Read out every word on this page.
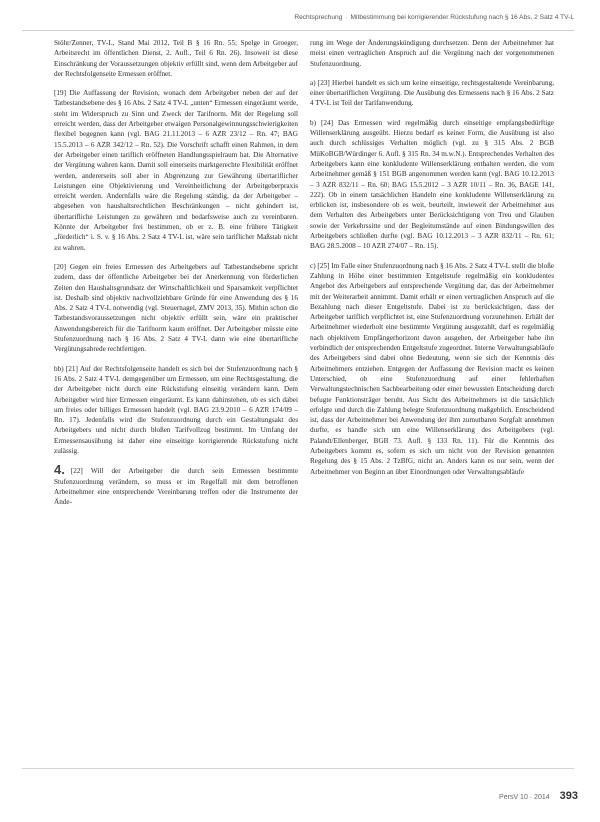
Rechtsprechung · Mitbestimmung bei korrigierender Rückstufung nach § 16 Abs. 2 Satz 4 TV-L

Stöhr/Zenner, TV-L, Stand Mai 2012, Teil B § 16 Rn. 55; Spelge in Groeger, Arbeitsrecht im öffentlichen Dienst, 2. Aufl., Teil 6 Rn. 26). Insoweit ist diese Einschränkung der Voraussetzungen objektiv erfüllt sind, wenn dem Arbeitgeber auf der Rechtsfolgenseite Ermessen eröffnet.

[19] Die Auffassung der Revision, wonach dem Arbeitgeber neben der auf der Tatbestandsebene des § 16 Abs. 2 Satz 4 TV-L „unten“ Ermessen eingeräumt werde, steht im Widerspruch zu Sinn und Zweck der Tarifnorm. Mit der Regelung soll erreicht werden, dass der Arbeitgeber etwaigen Personalgewinnungsschwierigkeiten flexibel begegnen kann (vgl. BAG 21.11.2013 – 6 AZR 23/12 – Rn. 47; BAG 15.5.2013 – 6 AZR 342/12 – Rn. 52). Die Vorschrift schafft einen Rahmen, in dem der Arbeitgeber einen tariflich eröffneten Handlungsspielraum hat. Die Alternative der Vergütung wahren kann. Damit soll einerseits marktgerechte Flexibilität eröffnet werden, andererseits soll aber in Abgrenzung zur Gewährung übertariflicher Leistungen eine Objektivierung und Vereinheitlichung der Arbeitgeberpraxis erreicht werden. Andernfalls wäre die Regelung ständig, da der Arbeitgeber – abgesehen von haushaltsrechtlichen Beschränkungen – nicht gehindert ist, übertarifliche Leistungen zu gewähren und bedarfsweise auch zu vereinbaren. Könnte der Arbeitgeber frei bestimmen, ob er z. B. eine frühere Tätigkeit „förderlich“ i. S. v. § 16 Abs. 2 Satz 4 TV-L ist, wäre sein tariflicher Maßstab nicht zu wahren.

[20] Gegen ein freies Ermessen des Arbeitgebers auf Tatbestandsebene spricht zudem, dass der öffentliche Arbeitgeber bei der Anerkennung von förderlichen Zeiten den Haushaltsgrundsatz der Wirtschaftlichkeit und Sparsamkeit verpflichtet ist. Deshalb sind objektiv nachvollziehbare Gründe für eine Anwendung des § 16 Abs. 2 Satz 4 TV-L notwendig (vgl. Steuernagel, ZMV 2013, 35). Mithin schon die Tatbestandsvoraussetzungen nicht objektiv erfüllt sein, wäre ein praktischer Anwendungsbereich für die Tarifnorm kaum eröffnet. Der Arbeitgeber müsste eine Stufenzuordnung nach § 16 Abs. 2 Satz 4 TV-L dann wie eine übertarifliche Vergütungsabrede rechtfertigen.

bb) [21] Auf der Rechtsfolgenseite handelt es sich bei der Stufenzuordnung nach § 16 Abs. 2 Satz 4 TV-L demgegenüber um Ermessen, um eine Rechtsgestaltung, die der Arbeitgeber nicht durch eine Rückstufung einseitig verändern kann. Dem Arbeitgeber wird hier Ermessen eingeräumt. Es kann dahinstehen, ob es sich dabei um freies oder billiges Ermessen handelt (vgl. BAG 23.9.2010 – 6 AZR 174/09 – Rn. 17). Jedenfalls wird die Stufenzuordnung durch ein Gestaltungsakt des Arbeitgebers und nicht durch bloßen Tarifvollzug bestimmt. Im Umfang der Ermessensausübung ist daher eine einseitige korrigierende Rückstufung nicht zulässig.

4. [22] Will der Arbeitgeber die durch sein Ermessen bestimmte Stufenzuordnung verändern, so muss er im Regelfall mit dem betroffenen Arbeitnehmer eine entsprechende Vereinbarung treffen oder die Instrumente der Ände-

rung im Wege der Änderungskündigung durchsetzen. Denn der Arbeitnehmer hat meist einen vertraglichen Anspruch auf die Vergütung nach der vorgenommenen Stufenzuordnung.

a) [23] Hierbei handelt es sich um keine einseitige, rechtsgestaltende Vereinbarung, einer übertariflichen Vergütung. Die Ausübung des Ermessens nach § 16 Abs. 2 Satz 4 TV-L ist Teil der Tarifanwendung.

b) [24] Das Ermessen wird regelmäßig durch einseitige empfangsbedürftige Willenserklärung ausgeübt. Hierzu bedarf es keiner Form, die Ausübung ist also auch durch schlüssiges Verhalten möglich (vgl. zu § 315 Abs. 2 BGB MüKoBGB/Würdinger 6. Aufl. § 315 Rn. 34 m.w.N.). Entsprechendes Verhalten des Arbeitgebers kann eine konkludente Willenserklärung enthalten werden, die vom Arbeitnehmer gemäß § 151 BGB angenommen werden kann (vgl. BAG 10.12.2013 – 3 AZR 832/11 – Rn. 60; BAG 15.5.2012 – 3 AZR 10/11 – Rn. 36, BAGE 141, 222). Ob in einem tatsächlichen Handeln eine konkludente Willenserklärung zu erblicken ist, insbesondere ob es weit, beurteilt, inwieweit der Arbeitnehmer aus dem Verhalten des Arbeitgebers unter Berücksichtigung von Treu und Glauben sowie der Verkehrssitte und der Begleitumstände auf einen Bindungswillen des Arbeitgebers schließen durfte (vgl. BAG 10.12.2013 – 3 AZR 832/11 – Rn. 61; BAG 28.5.2008 – 10 AZR 274/07 – Rn. 15).

c) [25] Im Falle einer Stufenzuordnung nach § 16 Abs. 2 Satz 4 TV-L stellt die bloße Zahlung in Höhe einer bestimmten Entgeltstufe regelmäßig ein konkludentes Angebot des Arbeitgebers auf entsprechende Vergütung dar, das der Arbeitnehmer mit der Weiterarbeit annimmt. Damit erhält er einen vertraglichen Anspruch auf die Bezahlung nach dieser Entgeltstufe. Dabei ist zu berücksichtigen, dass der Arbeitgeber tariflich verpflichtet ist, eine Stufenzuordnung vorzunehmen. Erhält der Arbeitnehmer wiederholt eine bestimmte Vergütung ausgezahlt, darf es regelmäßig nach objektivem Empfängerhorizont davon ausgehen, der Arbeitgeber habe ihn verbindlich der entsprechenden Entgeltstufe zugeordnet. Interne Verwaltungsabläufe des Arbeitgebers sind dabei ohne Bedeutung, wenn sie sich der Kenntnis des Arbeitnehmers entziehen. Entgegen der Auffassung der Revision macht es keinen Unterschied, ob eine Stufenzuordnung auf einer fehlerhaften Verwaltungstechnischen Sachbearbeitung oder einer bewussten Entscheidung durch befugte Funktionsträger beruht. Aus Sicht des Arbeitnehmers ist die tatsächlich erfolgte und durch die Zahlung belegte Stufenzuordnung maßgeblich. Entscheidend ist, dass der Arbeitnehmer bei Anwendung der ihm zumutbaren Sorgfalt annehmen durfte, es handle sich um eine Willenserklärung des Arbeitgebers (vgl. Palandt/Ellenberger, BGB 73. Aufl. § 133 Rn. 11). Für die Kenntnis des Arbeitgebers kommt es, sofern es sich um nicht von der Revision genannten Regelung des § 15 Abs. 2 TzBfG, nicht an. Anders kann es nur sein, wenn der Arbeitnehmer von Beginn an über Einordnungen oder Verwaltungsabläufe

PersV 10 · 2014 393
